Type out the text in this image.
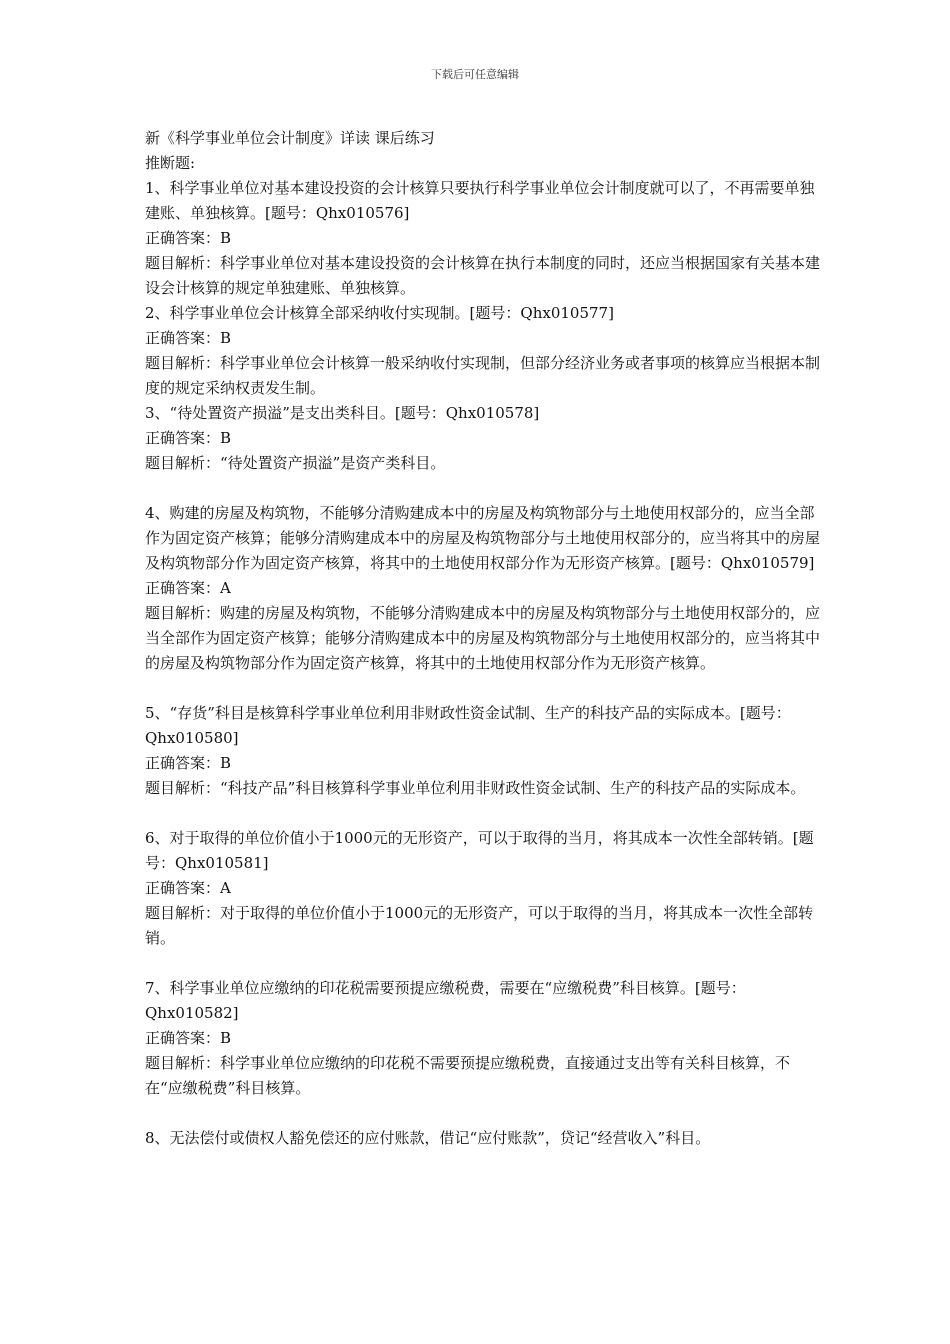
下载后可任意编辑

新《科学事业单位会计制度》详读 课后练习

推断题:

1、科学事业单位对基本建设投资的会计核算只要执行科学事业单位会计制度就可以了，不再需要单独建账、单独核算。[题号：Qhx010576]

正确答案：B

题目解析：科学事业单位对基本建设投资的会计核算在执行本制度的同时，还应当根据国家有关基本建设会计核算的规定单独建账、单独核算。

2、科学事业单位会计核算全部采纳收付实现制。[题号：Qhx010577]

正确答案：B

题目解析：科学事业单位会计核算一般采纳收付实现制，但部分经济业务或者事项的核算应当根据本制度的规定采纳权责发生制。

3、“待处置资产损溢”是支出类科目。[题号：Qhx010578]

正确答案：B

题目解析：“待处置资产损溢”是资产类科目。

4、购建的房屋及构筑物，不能够分清购建成本中的房屋及构筑物部分与土地使用权部分的，应当全部作为固定资产核算；能够分清购建成本中的房屋及构筑物部分与土地使用权部分的，应当将其中的房屋及构筑物部分作为固定资产核算，将其中的土地使用权部分作为无形资产核算。[题号：Qhx010579]

正确答案：A

题目解析：购建的房屋及构筑物，不能够分清购建成本中的房屋及构筑物部分与土地使用权部分的，应当全部作为固定资产核算；能够分清购建成本中的房屋及构筑物部分与土地使用权部分的，应当将其中的房屋及构筑物部分作为固定资产核算，将其中的土地使用权部分作为无形资产核算。

5、“存货”科目是核算科学事业单位利用非财政性资金试制、生产的科技产品的实际成本。[题号：Qhx010580]

正确答案：B

题目解析：“科技产品”科目核算科学事业单位利用非财政性资金试制、生产的科技产品的实际成本。

6、对于取得的单位价值小于1000元的无形资产，可以于取得的当月，将其成本一次性全部转销。[题号：Qhx010581]

正确答案：A

题目解析：对于取得的单位价值小于1000元的无形资产，可以于取得的当月，将其成本一次性全部转销。

7、科学事业单位应缴纳的印花税需要预提应缴税费，需要在“应缴税费”科目核算。[题号：Qhx010582]

正确答案：B

题目解析：科学事业单位应缴纳的印花税不需要预提应缴税费，直接通过支出等有关科目核算，不在“应缴税费”科目核算。

8、无法偿付或债权人豁免偿还的应付账款，借记“应付账款”，贷记“经营收入”科目。
